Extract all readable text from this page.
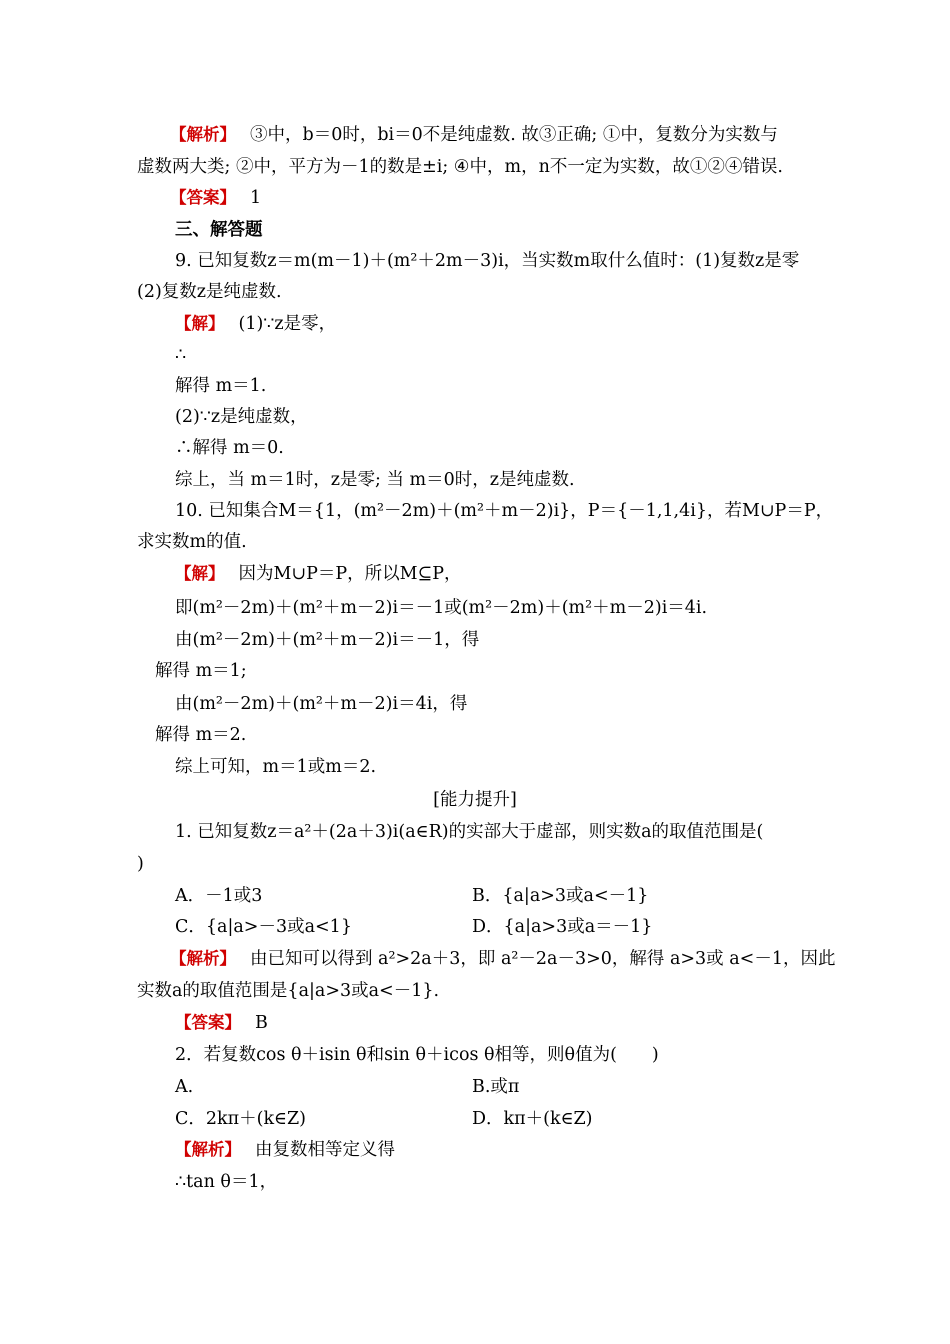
【解析】 ③中，b＝0时，bi＝0不是纯虚数. 故③正确; ①中，复数分为实数与
虚数两大类; ②中，平方为－1的数是±i; ④中，m，n不一定为实数，故①②④错误.
【答案】 1
三、解答题
9. 已知复数z＝m(m－1)＋(m²＋2m－3)i，当实数m取什么值时：(1)复数z是零
(2)复数z是纯虚数.
【解】 (1)∵z是零，
∴
解得 m＝1.
(2)∵z是纯虚数，
∴解得 m＝0.
综上，当 m＝1时，z是零; 当 m＝0时，z是纯虚数.
10. 已知集合M＝{1，(m²－2m)＋(m²＋m－2)i}，P＝{－1,1,4i}，若M∪P＝P，
求实数m的值.
【解】 因为M∪P＝P，所以M⊆P，
即(m²－2m)＋(m²＋m－2)i＝－1或(m²－2m)＋(m²＋m－2)i＝4i.
由(m²－2m)＋(m²＋m－2)i＝－1，得
解得 m＝1;
由(m²－2m)＋(m²＋m－2)i＝4i，得
解得 m＝2.
综上可知，m＝1或m＝2.
[能力提升]
1. 已知复数z＝a²＋(2a＋3)i(a∈R)的实部大于虚部，则实数a的取值范围是(
)
A．－1或3	B．{a|a>3或a<－1}
C．{a|a>－3或a<1}	D．{a|a>3或a＝－1}
【解析】 由已知可以得到 a²>2a＋3，即 a²－2a－3>0，解得 a>3或 a<－1，因此
实数a的取值范围是{a|a>3或a<－1}.
【答案】 B
2．若复数cos θ＋isin θ和sin θ＋icos θ相等，则θ值为(　　)
A.	B.或π
C．2kπ＋(k∈Z)	D．kπ＋(k∈Z)
【解析】 由复数相等定义得
∴tan θ＝1，
